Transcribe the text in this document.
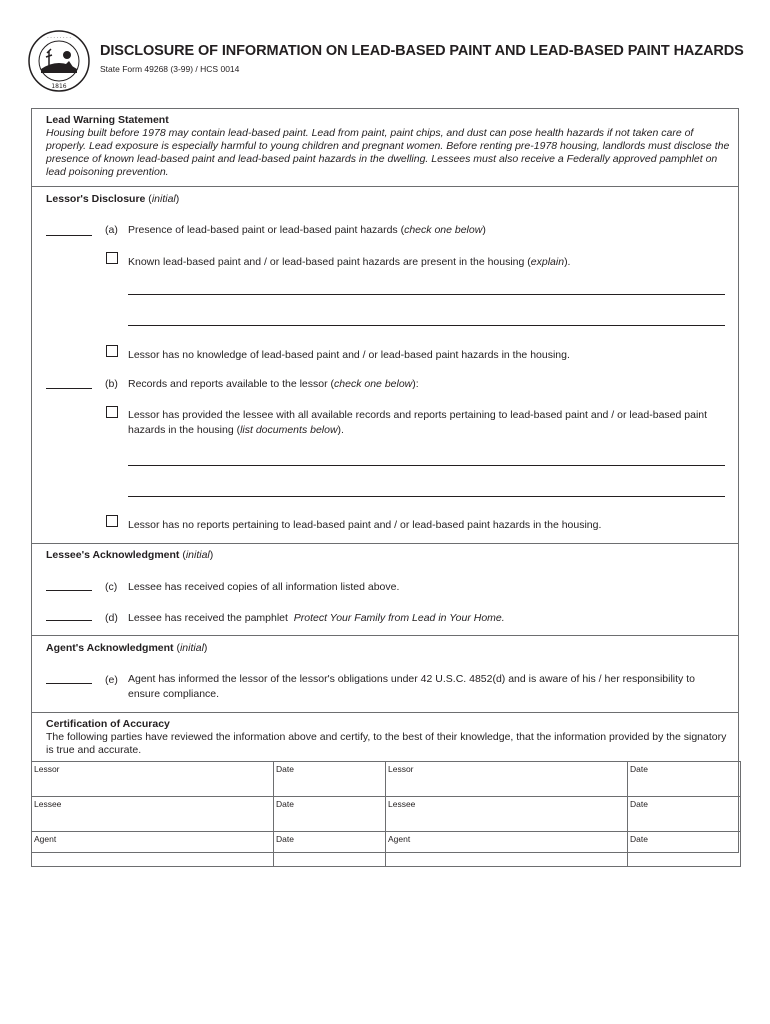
1816
· · · · · · · ·
DISCLOSURE OF INFORMATION ON LEAD-BASED PAINT AND LEAD-BASED PAINT HAZARDS
State Form 49268 (3-99) / HCS 0014
Lead Warning Statement
Housing built before 1978 may contain lead-based paint. Lead from paint, paint chips, and dust can pose health hazards if not taken care of properly. Lead exposure is especially harmful to young children and pregnant women. Before renting pre-1978 housing, landlords must disclose the presence of known lead-based paint and lead-based paint hazards in the dwelling. Lessees must also receive a Federally approved pamphlet on lead poisoning prevention.
Lessor's Disclosure (initial)
(a) Presence of lead-based paint or lead-based paint hazards (check one below)
Known lead-based paint and / or lead-based paint hazards are present in the housing (explain).
Lessor has no knowledge of lead-based paint and / or lead-based paint hazards in the housing.
(b) Records and reports available to the lessor (check one below):
Lessor has provided the lessee with all available records and reports pertaining to lead-based paint and / or lead-based paint hazards in the housing (list documents below).
Lessor has no reports pertaining to lead-based paint and / or lead-based paint hazards in the housing.
Lessee's Acknowledgment (initial)
(c) Lessee has received copies of all information listed above.
(d) Lessee has received the pamphlet Protect Your Family from Lead in Your Home.
Agent's Acknowledgment (initial)
(e) Agent has informed the lessor of the lessor's obligations under 42 U.S.C. 4852(d) and is aware of his / her responsibility to ensure compliance.
Certification of Accuracy
The following parties have reviewed the information above and certify, to the best of their knowledge, that the information provided by the signatory is true and accurate.
Lessor	Date	Lessor	Date
Lessee	Date	Lessee	Date
Agent	Date	Agent	Date
